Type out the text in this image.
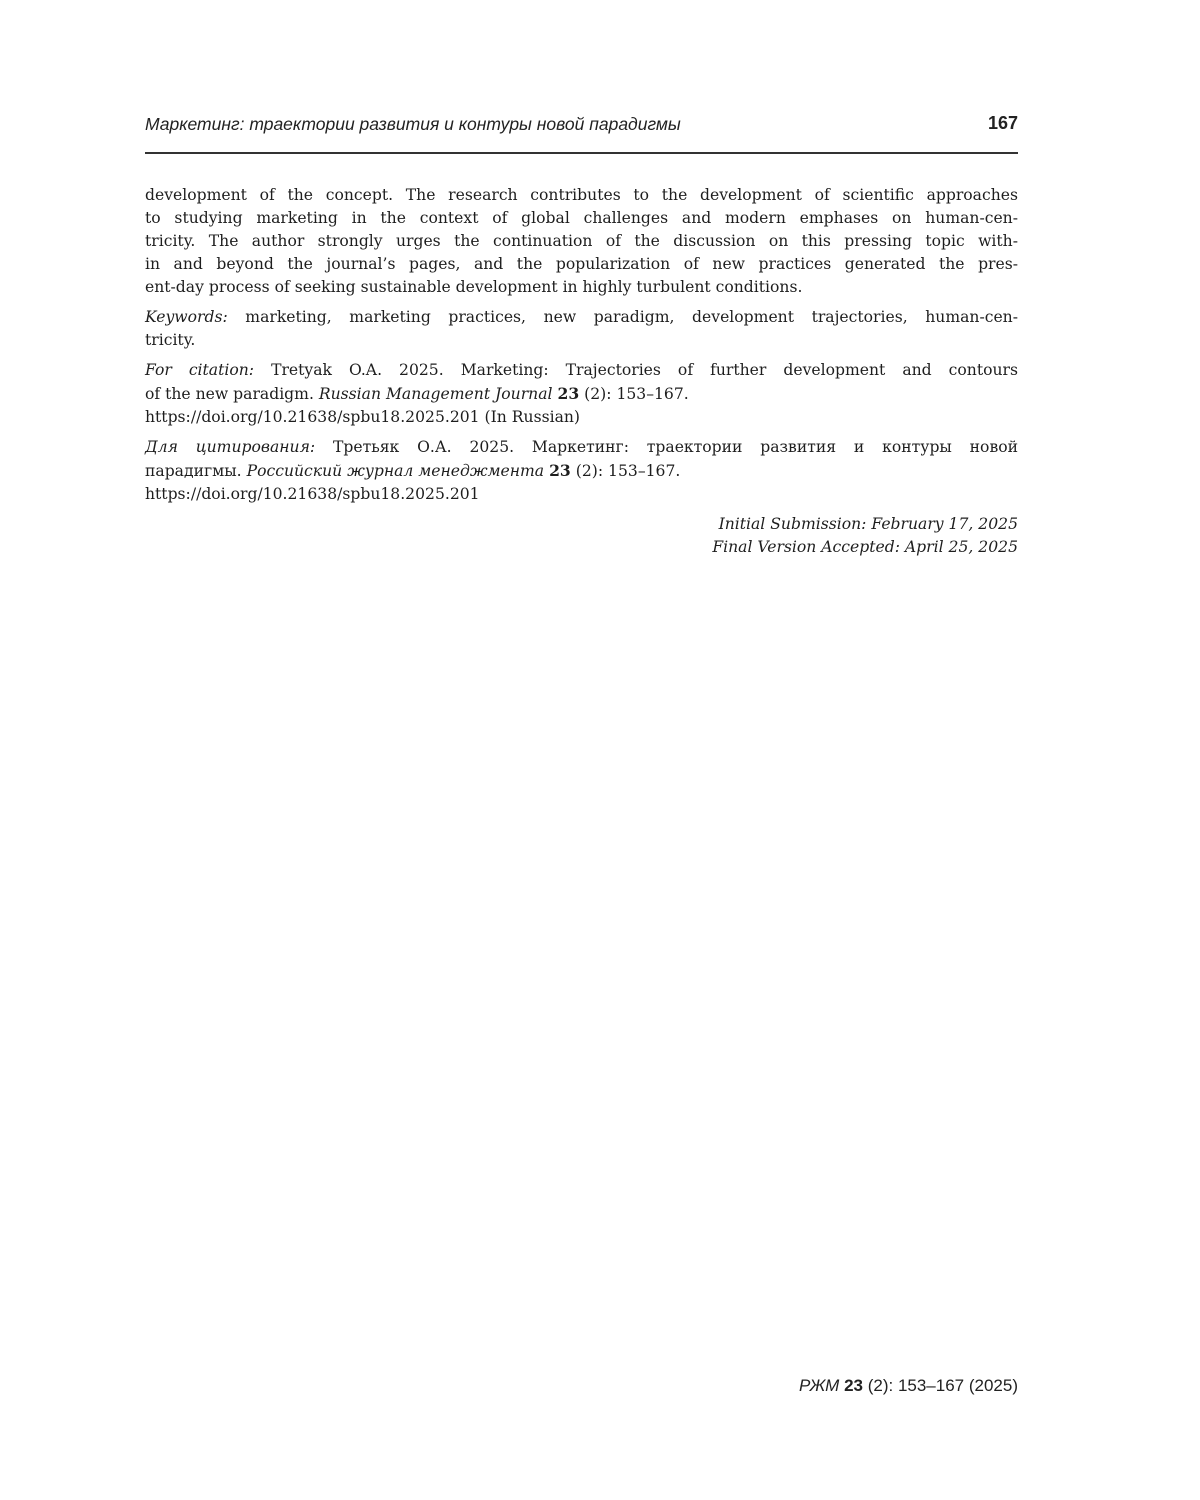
Маркетинг: траектории развития и контуры новой парадигмы	167

development of the concept. The research contributes to the development of scientific approaches
to studying marketing in the context of global challenges and modern emphases on human-cen-
tricity. The author strongly urges the continuation of the discussion on this pressing topic with-
in and beyond the journal’s pages, and the popularization of new practices generated the pres-
ent-day process of seeking sustainable development in highly turbulent conditions.

Keywords: marketing, marketing practices, new paradigm, development trajectories, human-cen-
tricity.

For citation: Tretyak O.A. 2025. Marketing: Trajectories of further development and contours
of the new paradigm. Russian Management Journal 23 (2): 153–167.
https://doi.org/10.21638/spbu18.2025.201 (In Russian)

Для цитирования: Третьяк О.А. 2025. Маркетинг: траектории развития и контуры новой
парадигмы. Российский журнал менеджмента 23 (2): 153–167.
https://doi.org/10.21638/spbu18.2025.201

Initial Submission: February 17, 2025
Final Version Accepted: April 25, 2025
РЖМ 23 (2): 153–167 (2025)
